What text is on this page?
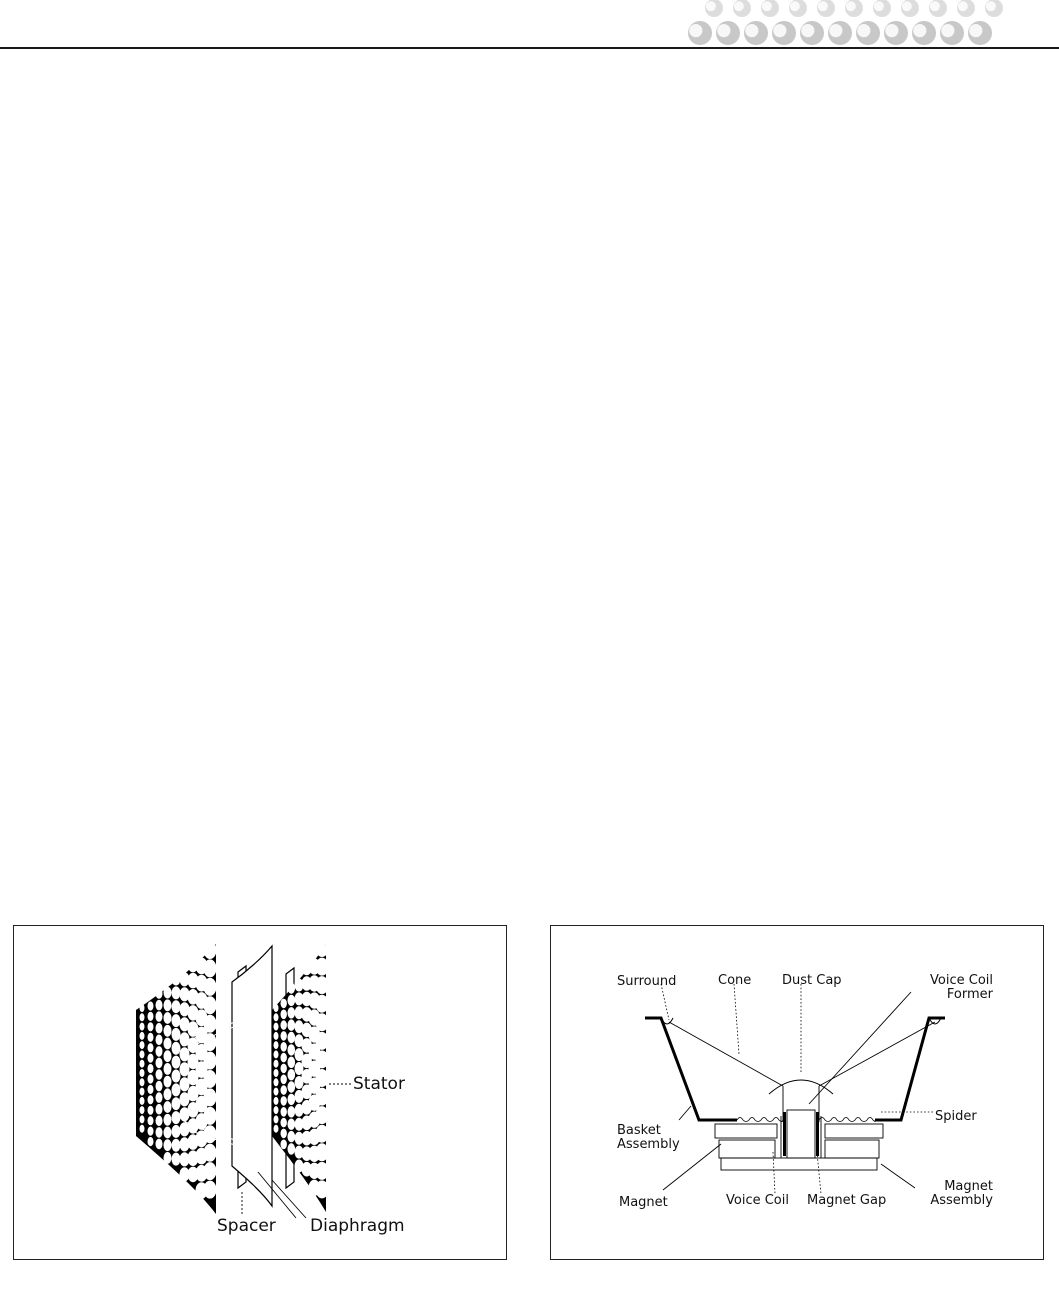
Stator
Spacer Diaphragm
Surround	Cone Dust Cap	Voice Coil
Former
Spider
Basket
Assembly
Magnet	Voice Coil Magnet Gap
Magnet
Assembly
